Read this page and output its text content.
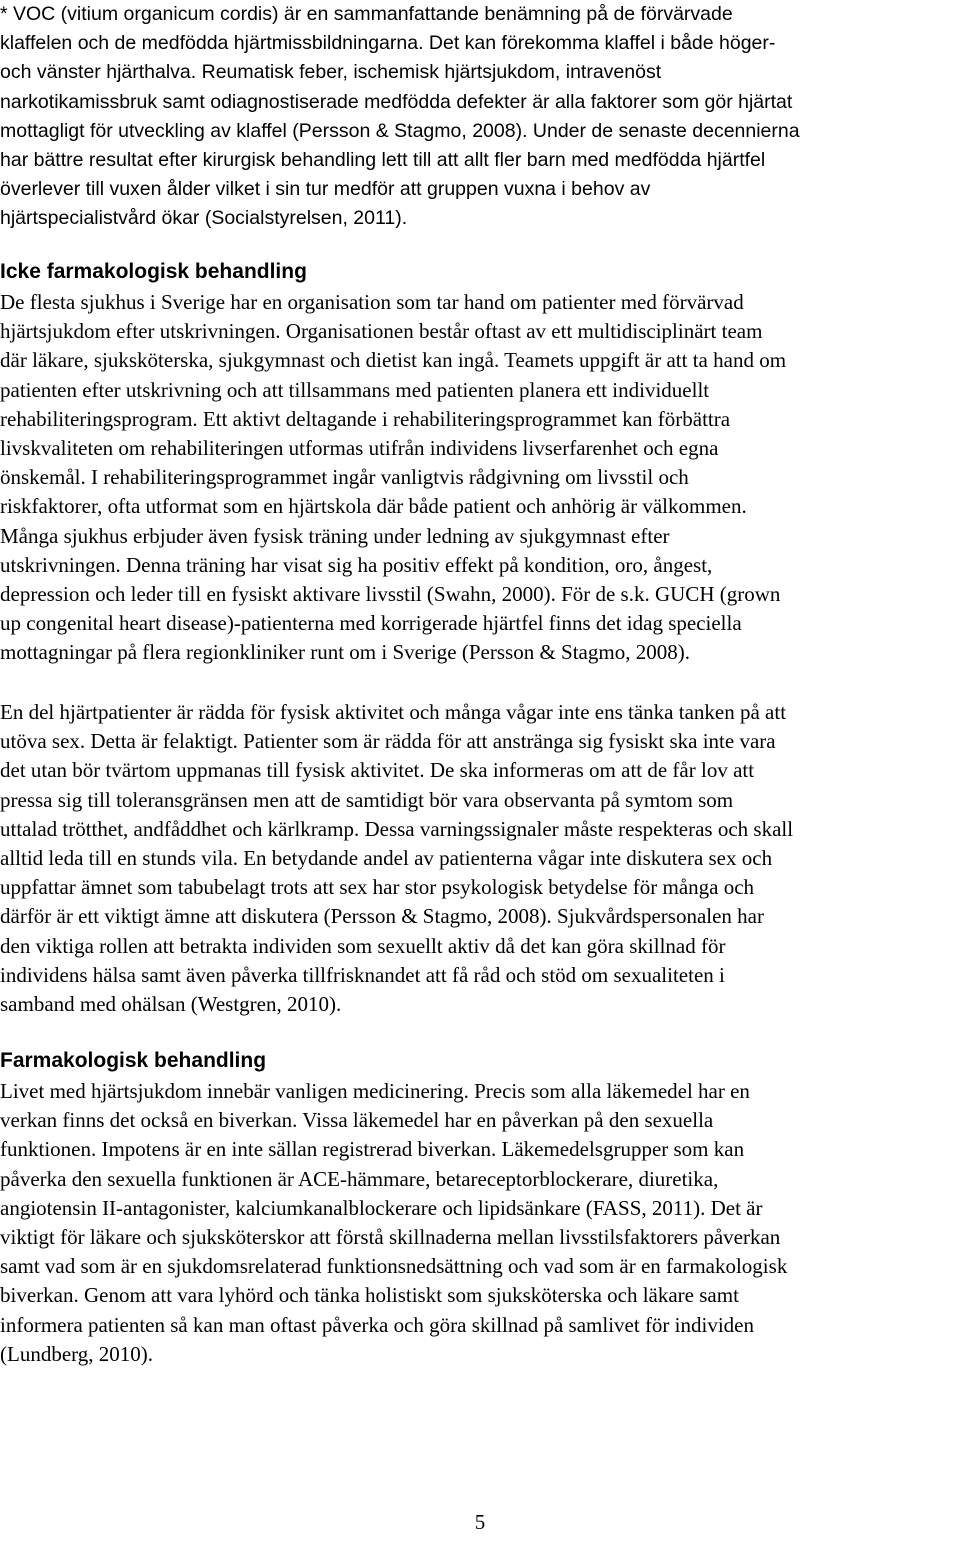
* VOC (vitium organicum cordis) är en sammanfattande benämning på de förvärvade
klaffelen och de medfödda hjärtmissbildningarna. Det kan förekomma klaffel i både höger-
och vänster hjärthalva. Reumatisk feber, ischemisk hjärtsjukdom, intravenöst
narkotikamissbruk samt odiagnostiserade medfödda defekter är alla faktorer som gör hjärtat
mottagligt för utveckling av klaffel (Persson & Stagmo, 2008). Under de senaste decennierna
har bättre resultat efter kirurgisk behandling lett till att allt fler barn med medfödda hjärtfel
överlever till vuxen ålder vilket i sin tur medför att gruppen vuxna i behov av
hjärtspecialistvård ökar (Socialstyrelsen, 2011).
Icke farmakologisk behandling
De flesta sjukhus i Sverige har en organisation som tar hand om patienter med förvärvad
hjärtsjukdom efter utskrivningen. Organisationen består oftast av ett multidisciplinärt team
där läkare, sjuksköterska, sjukgymnast och dietist kan ingå. Teamets uppgift är att ta hand om
patienten efter utskrivning och att tillsammans med patienten planera ett individuellt
rehabiliteringsprogram. Ett aktivt deltagande i rehabiliteringsprogrammet kan förbättra
livskvaliteten om rehabiliteringen utformas utifrån individens livserfarenhet och egna
önskemål. I rehabiliteringsprogrammet ingår vanligtvis rådgivning om livsstil och
riskfaktorer, ofta utformat som en hjärtskola där både patient och anhörig är välkommen.
Många sjukhus erbjuder även fysisk träning under ledning av sjukgymnast efter
utskrivningen. Denna träning har visat sig ha positiv effekt på kondition, oro, ångest,
depression och leder till en fysiskt aktivare livsstil (Swahn, 2000). För de s.k. GUCH (grown
up congenital heart disease)-patienterna med korrigerade hjärtfel finns det idag speciella
mottagningar på flera regionkliniker runt om i Sverige (Persson & Stagmo, 2008).
En del hjärtpatienter är rädda för fysisk aktivitet och många vågar inte ens tänka tanken på att
utöva sex. Detta är felaktigt. Patienter som är rädda för att anstränga sig fysiskt ska inte vara
det utan bör tvärtom uppmanas till fysisk aktivitet. De ska informeras om att de får lov att
pressa sig till toleransgränsen men att de samtidigt bör vara observanta på symtom som
uttalad trötthet, andfåddhet och kärlkramp. Dessa varningssignaler måste respekteras och skall
alltid leda till en stunds vila. En betydande andel av patienterna vågar inte diskutera sex och
uppfattar ämnet som tabubelagt trots att sex har stor psykologisk betydelse för många och
därför är ett viktigt ämne att diskutera (Persson & Stagmo, 2008). Sjukvårdspersonalen har
den viktiga rollen att betrakta individen som sexuellt aktiv då det kan göra skillnad för
individens hälsa samt även påverka tillfrisknandet att få råd och stöd om sexualiteten i
samband med ohälsan (Westgren, 2010).
Farmakologisk behandling
Livet med hjärtsjukdom innebär vanligen medicinering. Precis som alla läkemedel har en
verkan finns det också en biverkan. Vissa läkemedel har en påverkan på den sexuella
funktionen. Impotens är en inte sällan registrerad biverkan. Läkemedelsgrupper som kan
påverka den sexuella funktionen är ACE-hämmare, betareceptorblockerare, diuretika,
angiotensin II-antagonister, kalciumkanalblockerare och lipidsänkare (FASS, 2011). Det är
viktigt för läkare och sjuksköterskor att förstå skillnaderna mellan livsstilsfaktorers påverkan
samt vad som är en sjukdomsrelaterad funktionsnedsättning och vad som är en farmakologisk
biverkan. Genom att vara lyhörd och tänka holistiskt som sjuksköterska och läkare samt
informera patienten så kan man oftast påverka och göra skillnad på samlivet för individen
(Lundberg, 2010).
5
